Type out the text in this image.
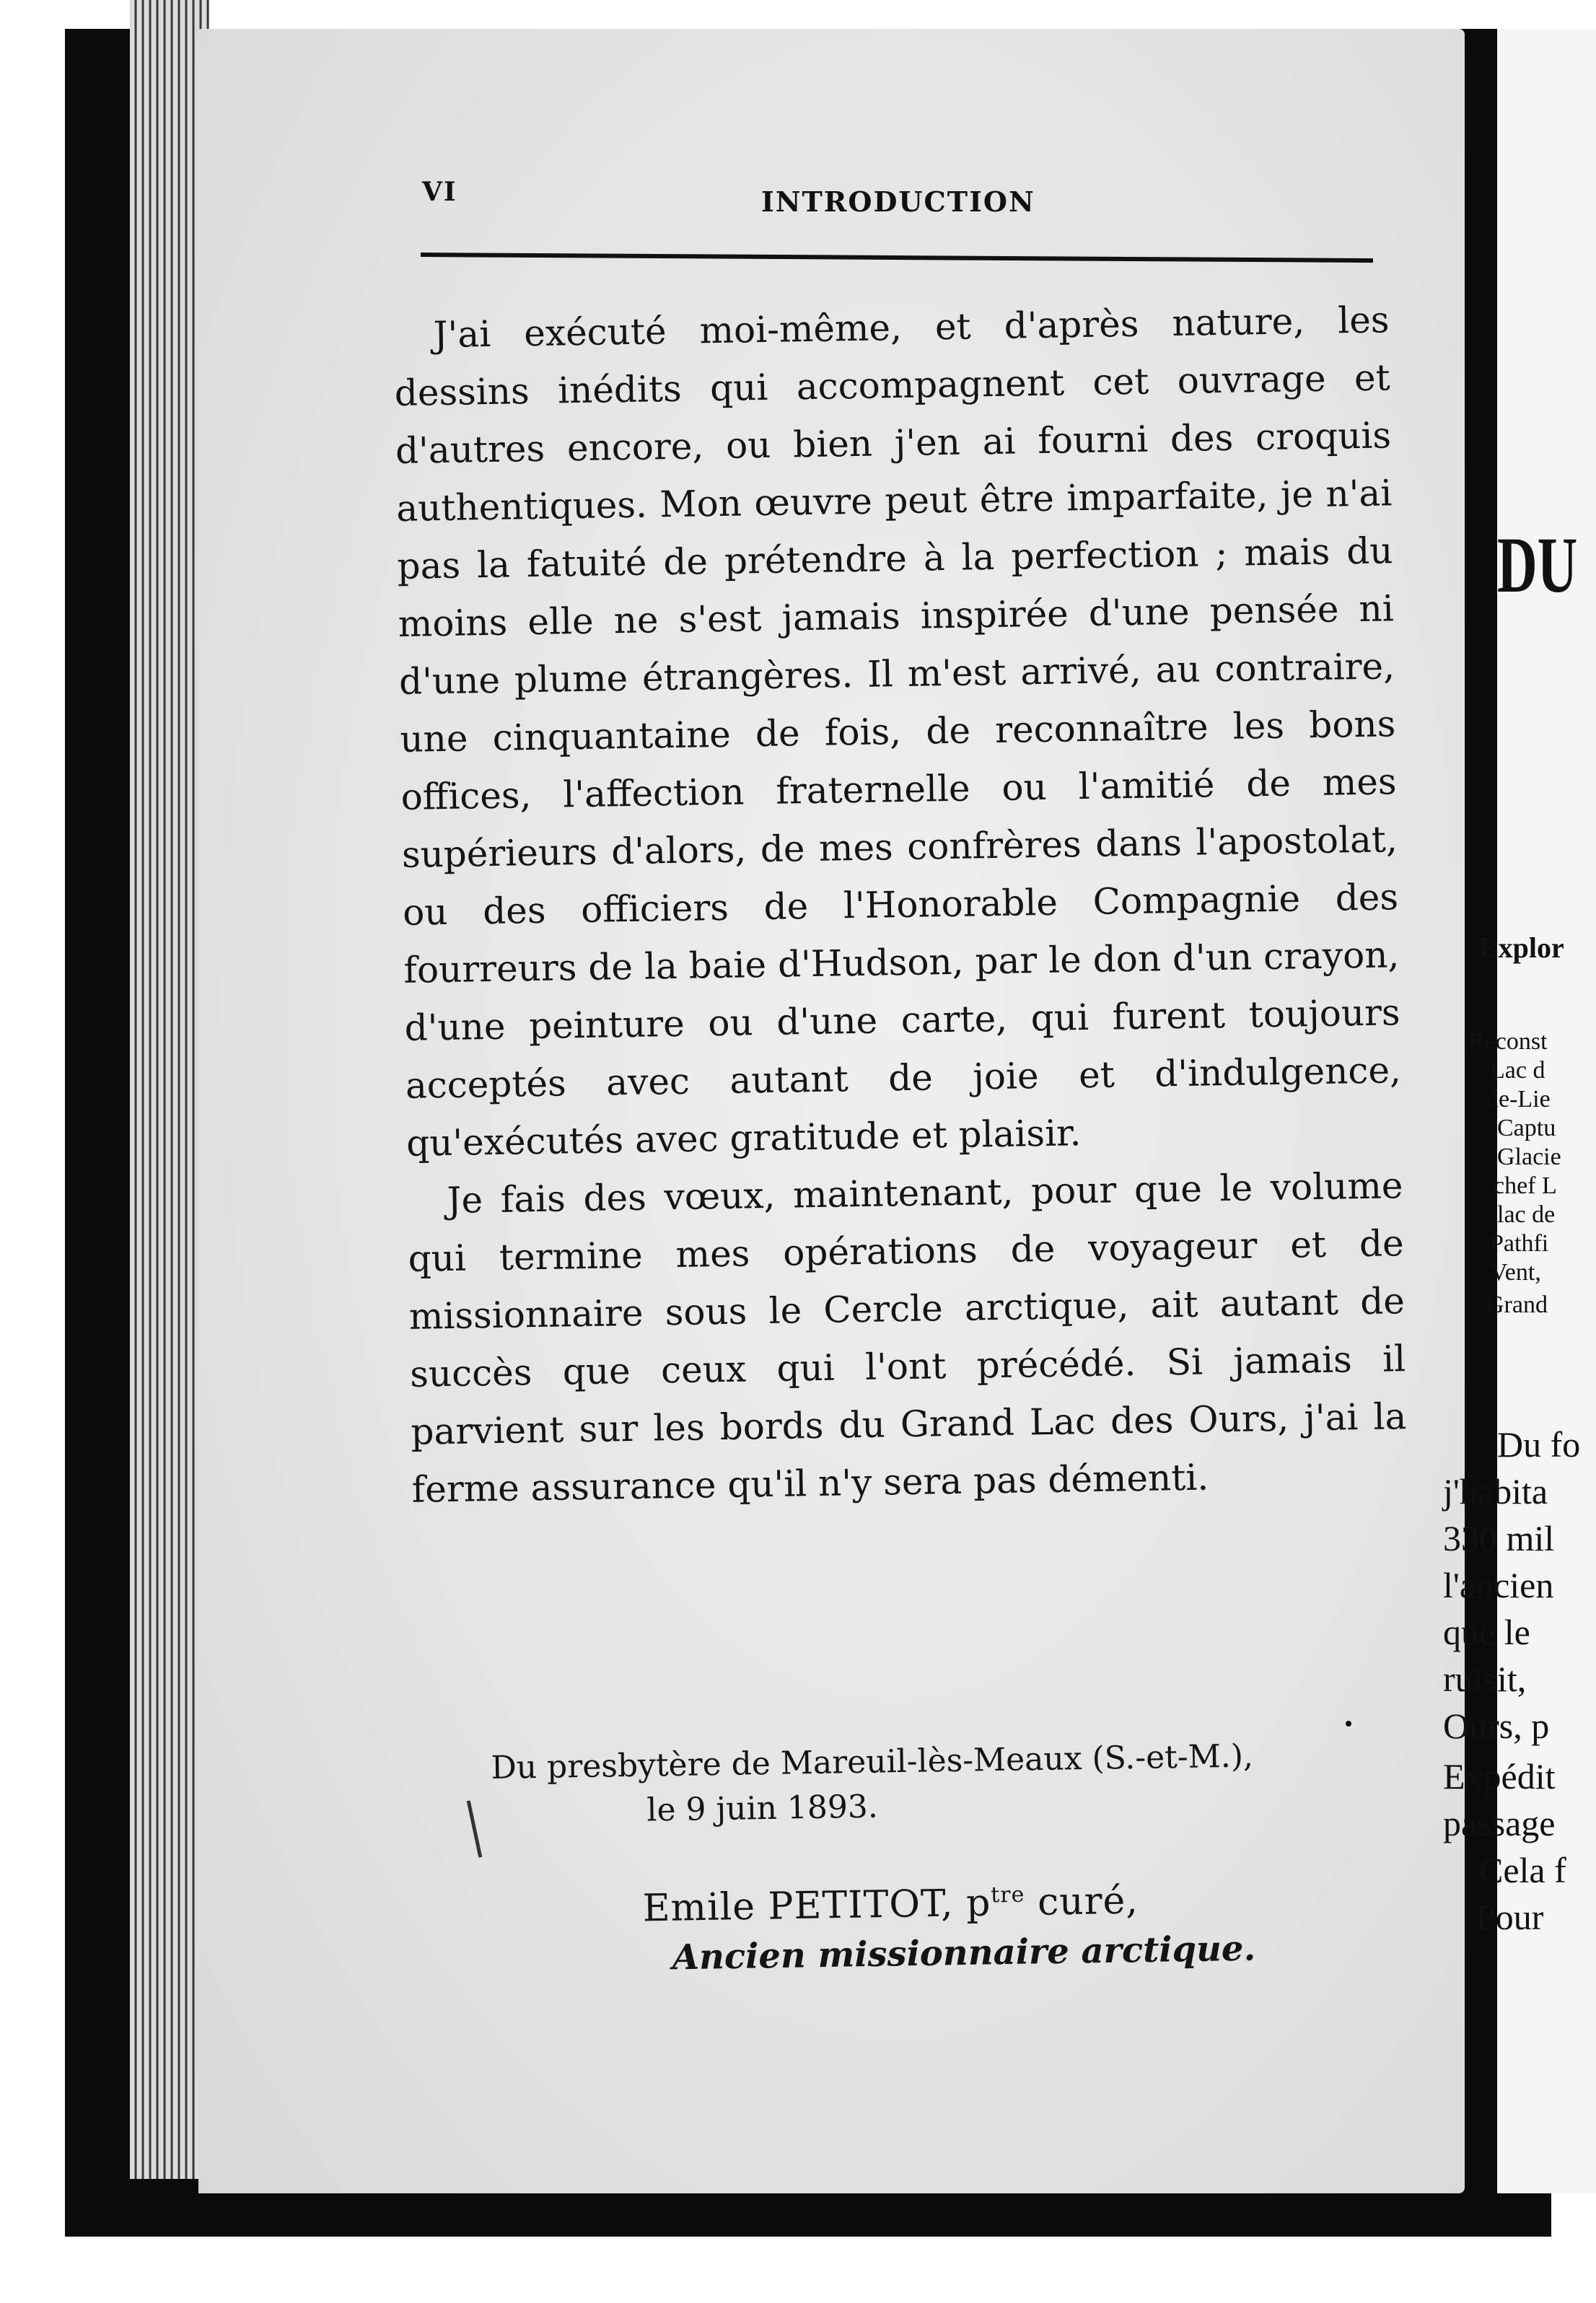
VI	INTRODUCTION

J'ai exécuté moi-même, et d'après nature, les dessins inédits qui accompagnent cet ouvrage et d'autres encore, ou bien j'en ai fourni des croquis authentiques. Mon œuvre peut être imparfaite, je n'ai pas la fatuité de prétendre à la perfection ; mais du moins elle ne s'est jamais inspirée d'une pensée ni d'une plume étrangères. Il m'est arrivé, au contraire, une cinquantaine de fois, de reconnaître les bons offices, l'affection fraternelle ou l'amitié de mes supérieurs d'alors, de mes confrères dans l'apostolat, ou des officiers de l'Honorable Compagnie des fourreurs de la baie d'Hudson, par le don d'un crayon, d'une peinture ou d'une carte, qui furent toujours acceptés avec autant de joie et d'indulgence, qu'exécutés avec gratitude et plaisir.

Je fais des vœux, maintenant, pour que le volume qui termine mes opérations de voyageur et de missionnaire sous le Cercle arctique, ait autant de succès que ceux qui l'ont précédé. Si jamais il parvient sur les bords du Grand Lac des Ours, j'ai la ferme assurance qu'il n'y sera pas démenti.

Du presbytère de Mareuil-lès-Meaux (S.-et-M.),
le 9 juin 1893.
Emile PETITOT, $p^{tre}$ curé,
Ancien missionnaire arctique.
DU
Explor
Reconst
Lac d
de-Lie
Captu
Glacie
chef L
lac de
Pathfi
Vent,
Grand
Du fo
j'habita
330 mil
l'ancien
que le
ruisit,
Ours, p
Expédit
passage
Cela f
Pour
